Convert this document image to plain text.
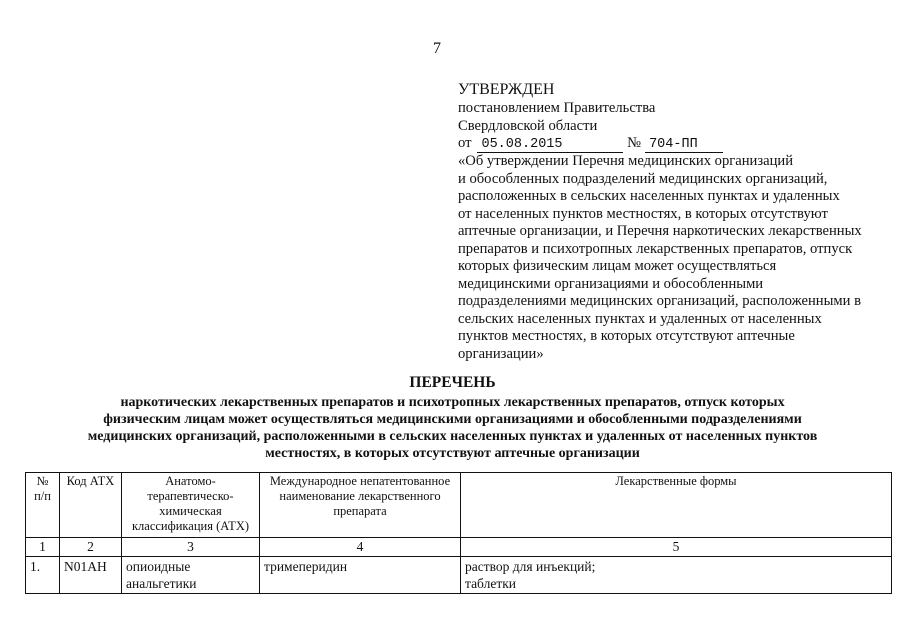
7
УТВЕРЖДЕН
постановлением Правительства
Свердловской области
от 05.08.2015	№ 704-ПП
«Об утверждении Перечня медицинских организаций
и обособленных подразделений медицинских организаций,
расположенных в сельских населенных пунктах и удаленных
от населенных пунктов местностях, в которых отсутствуют
аптечные организации, и Перечня наркотических лекарственных
препаратов и психотропных лекарственных препаратов, отпуск
которых физическим лицам может осуществляться
медицинскими организациями и обособленными
подразделениями медицинских организаций, расположенными в
сельских населенных пунктах и удаленных от населенных
пунктов местностях, в которых отсутствуют аптечные
организации»
ПЕРЕЧЕНЬ
наркотических лекарственных препаратов и психотропных лекарственных препаратов, отпуск которых
физическим лицам может осуществляться медицинскими организациями и обособленными подразделениями
медицинских организаций, расположенными в сельских населенных пунктах и удаленных от населенных пунктов
местностях, в которых отсутствуют аптечные организации
№ п/п	Код АТХ	Анатомо-терапевтическо-химическая классификация (АТХ)	Международное непатентованное наименование лекарственного препарата	Лекарственные формы
1	2	3	4	5
1.	N01AH	опиоидные анальгетики	тримеперидин	раствор для инъекций;
таблетки
